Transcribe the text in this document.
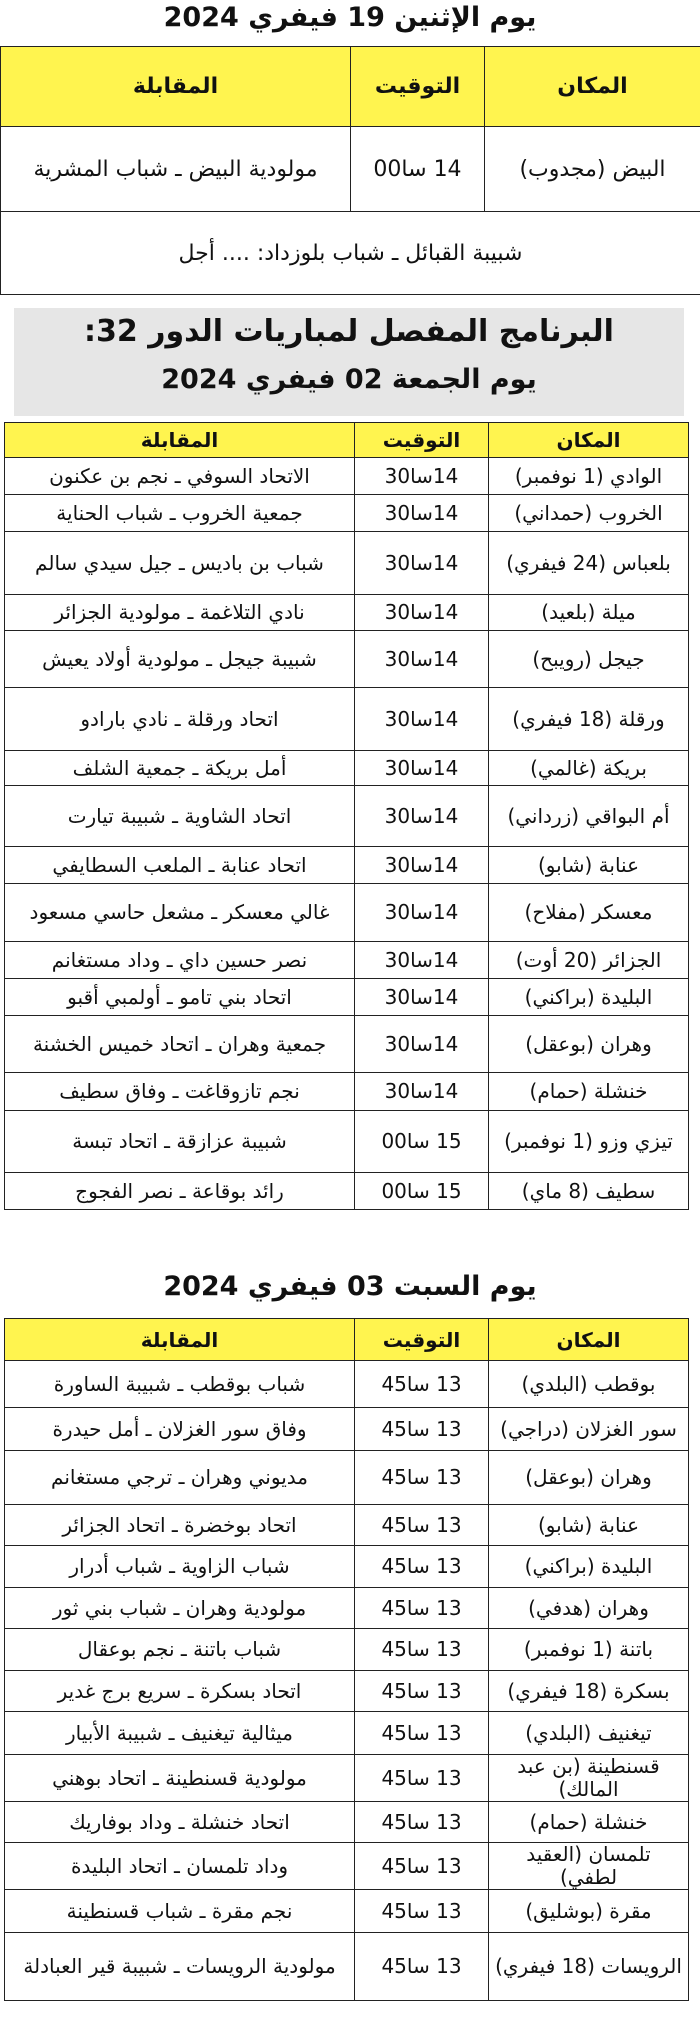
يوم الإثنين 19 فيفري 2024
المكان	التوقيت	المقابلة
البيض (مجدوب)	14 سا00	مولودية البيض ـ شباب المشرية
شبيبة القبائل ـ شباب بلوزداد: .... أجل		
البرنامج المفصل لمباريات الدور 32:
يوم الجمعة 02 فيفري 2024
المكان	التوقيت	المقابلة
الوادي (1 نوفمبر)	14سا30	الاتحاد السوفي ـ نجم بن عكنون
الخروب (حمداني)	14سا30	جمعية الخروب ـ شباب الحناية
بلعباس (24 فيفري)	14سا30	شباب بن باديس ـ جيل سيدي سالم
ميلة (بلعيد)	14سا30	نادي التلاغمة ـ مولودية الجزائر
جيجل (رويبح)	14سا30	شبيبة جيجل ـ مولودية أولاد يعيش
ورقلة (18 فيفري)	14سا30	اتحاد ورقلة ـ نادي بارادو
بريكة (غالمي)	14سا30	أمل بريكة ـ جمعية الشلف
أم البواقي (زرداني)	14سا30	اتحاد الشاوية ـ شبيبة تيارت
عنابة (شابو)	14سا30	اتحاد عنابة ـ الملعب السطايفي
معسكر (مفلاح)	14سا30	غالي معسكر ـ مشعل حاسي مسعود
الجزائر (20 أوت)	14سا30	نصر حسين داي ـ وداد مستغانم
البليدة (براكني)	14سا30	اتحاد بني تامو ـ أولمبي أقبو
وهران (بوعقل)	14سا30	جمعية وهران ـ اتحاد خميس الخشنة
خنشلة (حمام)	14سا30	نجم تازوقاغت ـ وفاق سطيف
تيزي وزو (1 نوفمبر)	15 سا00	شبيبة عزازقة ـ اتحاد تبسة
سطيف (8 ماي)	15 سا00	رائد بوقاعة ـ نصر الفجوج
يوم السبت 03 فيفري 2024
المكان	التوقيت	المقابلة
بوقطب (البلدي)	13 سا45	شباب بوقطب ـ شبيبة الساورة
سور الغزلان (دراجي)	13 سا45	وفاق سور الغزلان ـ أمل حيدرة
وهران (بوعقل)	13 سا45	مديوني وهران ـ ترجي مستغانم
عنابة (شابو)	13 سا45	اتحاد بوخضرة ـ اتحاد الجزائر
البليدة (براكني)	13 سا45	شباب الزاوية ـ شباب أدرار
وهران (هدفي)	13 سا45	مولودية وهران ـ شباب بني ثور
باتنة (1 نوفمبر)	13 سا45	شباب باتنة ـ نجم بوعقال
بسكرة (18 فيفري)	13 سا45	اتحاد بسكرة ـ سريع برج غدير
تيغنيف (البلدي)	13 سا45	ميثالية تيغنيف ـ شبيبة الأبيار
قسنطينة (بن عبد المالك)	13 سا45	مولودية قسنطينة ـ اتحاد بوهني
خنشلة (حمام)	13 سا45	اتحاد خنشلة ـ وداد بوفاريك
تلمسان (العقيد لطفي)	13 سا45	وداد تلمسان ـ اتحاد البليدة
مقرة (بوشليق)	13 سا45	نجم مقرة ـ شباب قسنطينة
الرويسات (18 فيفري)	13 سا45	مولودية الرويسات ـ شبيبة قير العبادلة
